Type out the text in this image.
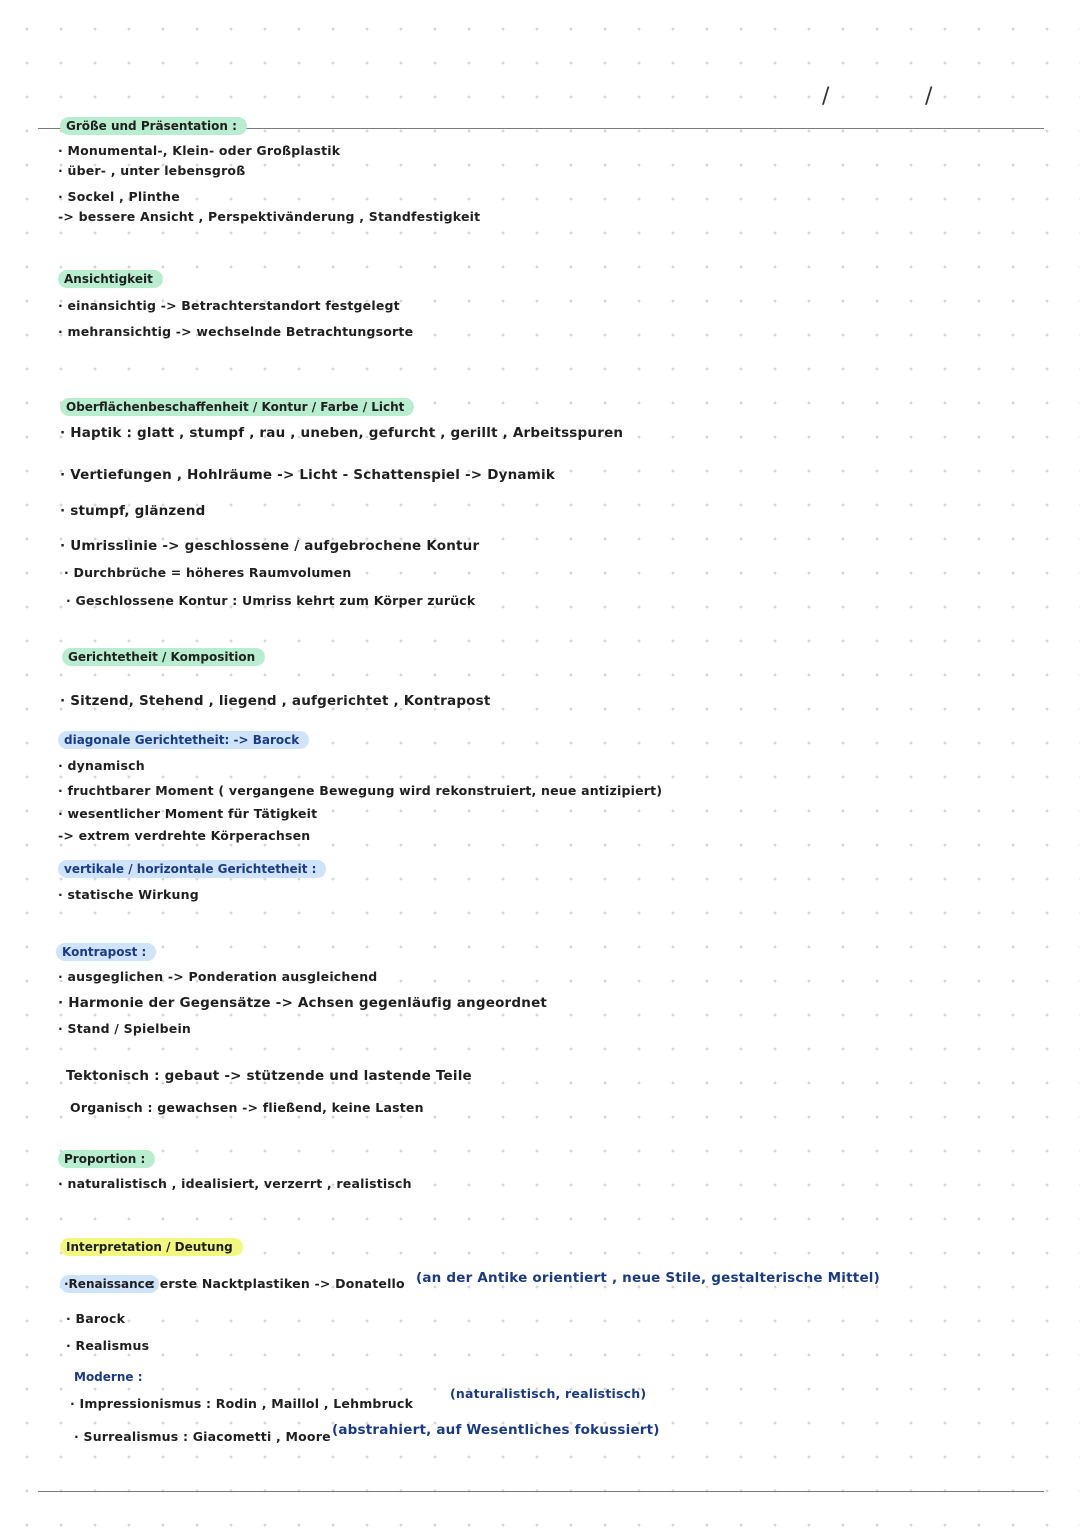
/	/
Größe und Präsentation :
· Monumental-, Klein- oder Großplastik
· über- , unter lebensgroß
· Sockel , Plinthe
-> bessere Ansicht , Perspektivänderung , Standfestigkeit
Ansichtigkeit
· einansichtig -> Betrachterstandort festgelegt
· mehransichtig -> wechselnde Betrachtungsorte
Oberflächenbeschaffenheit / Kontur / Farbe / Licht
· Haptik : glatt , stumpf , rau , uneben, gefurcht , gerillt , Arbeitsspuren
· Vertiefungen , Hohlräume -> Licht - Schattenspiel -> Dynamik
· stumpf, glänzend
· Umrisslinie -> geschlossene / aufgebrochene Kontur
· Durchbrüche = höheres Raumvolumen
· Geschlossene Kontur : Umriss kehrt zum Körper zurück
Gerichtetheit / Komposition
· Sitzend, Stehend , liegend , aufgerichtet , Kontrapost
diagonale Gerichtetheit: -> Barock
· dynamisch
· fruchtbarer Moment ( vergangene Bewegung wird rekonstruiert, neue antizipiert)
· wesentlicher Moment für Tätigkeit
-> extrem verdrehte Körperachsen
vertikale / horizontale Gerichtetheit :
· statische Wirkung
Kontrapost :
· ausgeglichen -> Ponderation ausgleichend
· Harmonie der Gegensätze -> Achsen gegenläufig angeordnet
· Stand / Spielbein
Tektonisch : gebaut -> stützende und lastende Teile
Organisch : gewachsen -> fließend, keine Lasten
Proportion :
· naturalistisch , idealisiert, verzerrt , realistisch
Interpretation / Deutung
·Renaissance
: erste Nacktplastiken -> Donatello (an der Antike orientiert , neue Stile, gestalterische Mittel)
· Barock
· Realismus
Moderne :
· Impressionismus : Rodin , Maillol , Lehmbruck
(naturalistisch, realistisch)
· Surrealismus : Giacometti , Moore (abstrahiert, auf Wesentliches fokussiert)
